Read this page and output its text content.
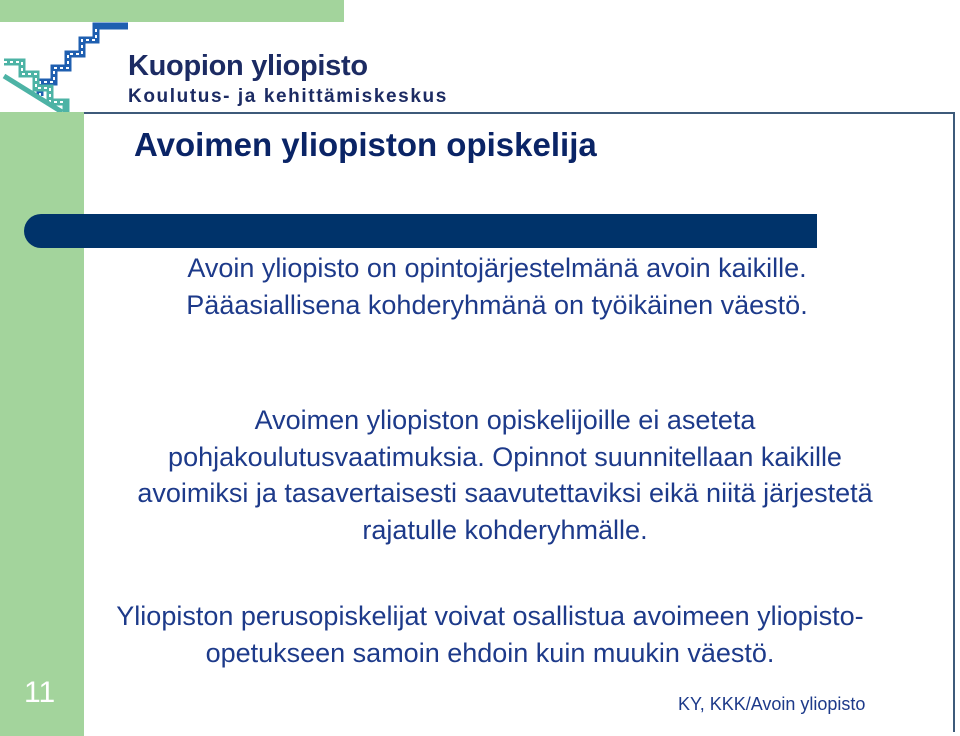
Kuopion yliopisto
Koulutus- ja kehittämiskeskus
Avoimen yliopiston opiskelija

Avoin yliopisto on opintojärjestelmänä avoin kaikille. Pääasiallisena kohderyhmänä on työikäinen väestö.

Avoimen yliopiston opiskelijoille ei aseteta pohjakoulutusvaatimuksia. Opinnot suunnitellaan kaikille avoimiksi ja tasavertaisesti saavutettaviksi eikä niitä järjestetä rajatulle kohderyhmälle.

Yliopiston perusopiskelijat voivat osallistua avoimeen yliopisto-opetukseen samoin ehdoin kuin muukin väestö.

11	KY, KKK/Avoin yliopisto
